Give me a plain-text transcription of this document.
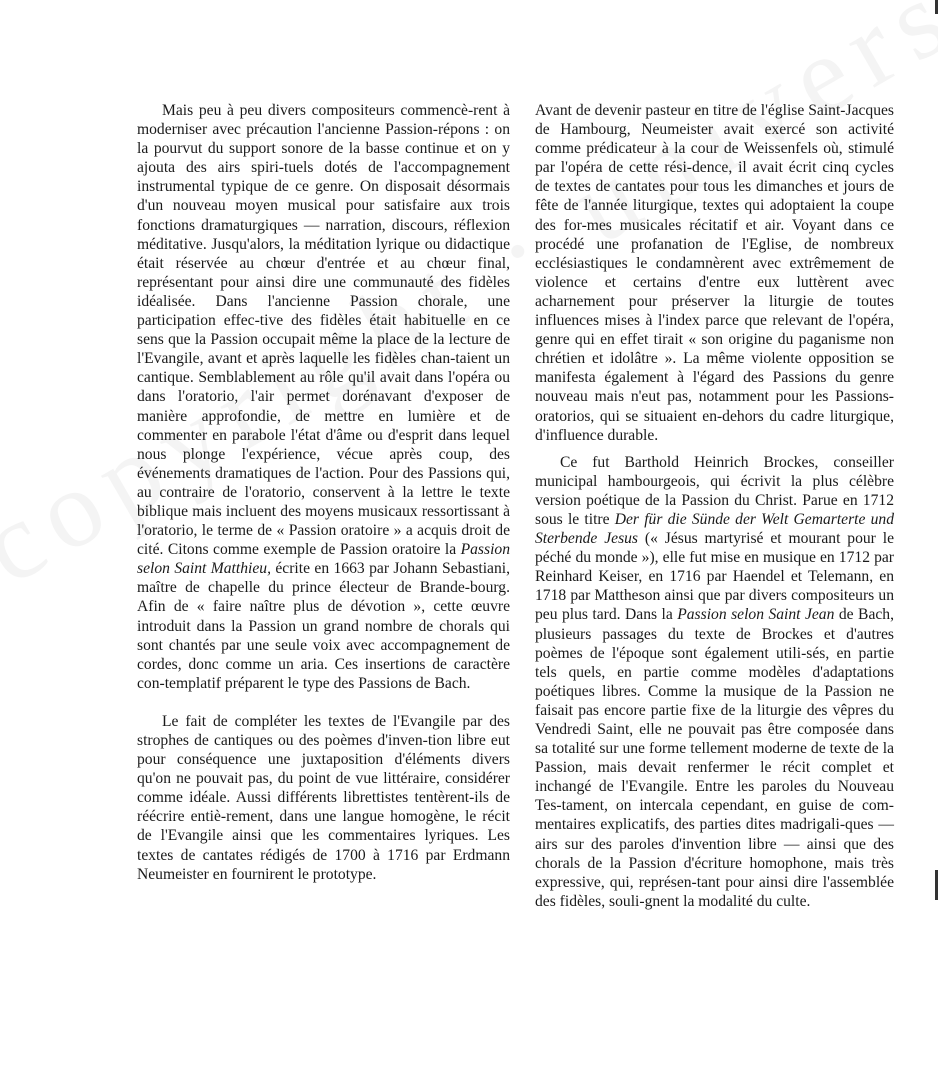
Mais peu à peu divers compositeurs commencè-rent à moderniser avec précaution l'ancienne Passion-répons : on la pourvut du support sonore de la basse continue et on y ajouta des airs spiri-tuels dotés de l'accompagnement instrumental typique de ce genre. On disposait désormais d'un nouveau moyen musical pour satisfaire aux trois fonctions dramaturgiques — narration, discours, réflexion méditative. Jusqu'alors, la méditation lyrique ou didactique était réservée au chœur d'entrée et au chœur final, représentant pour ainsi dire une communauté des fidèles idéalisée. Dans l'ancienne Passion chorale, une participation effec-tive des fidèles était habituelle en ce sens que la Passion occupait même la place de la lecture de l'Evangile, avant et après laquelle les fidèles chan-taient un cantique. Semblablement au rôle qu'il avait dans l'opéra ou dans l'oratorio, l'air permet dorénavant d'exposer de manière approfondie, de mettre en lumière et de commenter en parabole l'état d'âme ou d'esprit dans lequel nous plonge l'expérience, vécue après coup, des événements dramatiques de l'action. Pour des Passions qui, au contraire de l'oratorio, conservent à la lettre le texte biblique mais incluent des moyens musicaux ressortissant à l'oratorio, le terme de « Passion oratoire » a acquis droit de cité. Citons comme exemple de Passion oratoire la Passion selon Saint Matthieu, écrite en 1663 par Johann Sebastiani, maître de chapelle du prince électeur de Brande-bourg. Afin de « faire naître plus de dévotion », cette œuvre introduit dans la Passion un grand nombre de chorals qui sont chantés par une seule voix avec accompagnement de cordes, donc comme un aria. Ces insertions de caractère con-templatif préparent le type des Passions de Bach.

Le fait de compléter les textes de l'Evangile par des strophes de cantiques ou des poèmes d'inven-tion libre eut pour conséquence une juxtaposition d'éléments divers qu'on ne pouvait pas, du point de vue littéraire, considérer comme idéale. Aussi différents librettistes tentèrent-ils de réécrire entiè-rement, dans une langue homogène, le récit de l'Evangile ainsi que les commentaires lyriques. Les textes de cantates rédigés de 1700 à 1716 par Erdmann Neumeister en fournirent le prototype.

Avant de devenir pasteur en titre de l'église Saint-Jacques de Hambourg, Neumeister avait exercé son activité comme prédicateur à la cour de Weissenfels où, stimulé par l'opéra de cette rési-dence, il avait écrit cinq cycles de textes de cantates pour tous les dimanches et jours de fête de l'année liturgique, textes qui adoptaient la coupe des for-mes musicales récitatif et air. Voyant dans ce procédé une profanation de l'Eglise, de nombreux ecclésiastiques le condamnèrent avec extrêmement de violence et certains d'entre eux luttèrent avec acharnement pour préserver la liturgie de toutes influences mises à l'index parce que relevant de l'opéra, genre qui en effet tirait « son origine du paganisme non chrétien et idolâtre ». La même violente opposition se manifesta également à l'égard des Passions du genre nouveau mais n'eut pas, notamment pour les Passions-oratorios, qui se situaient en-dehors du cadre liturgique, d'influence durable.

Ce fut Barthold Heinrich Brockes, conseiller municipal hambourgeois, qui écrivit la plus célèbre version poétique de la Passion du Christ. Parue en 1712 sous le titre Der für die Sünde der Welt Gemarterte und Sterbende Jesus (« Jésus martyrisé et mourant pour le péché du monde »), elle fut mise en musique en 1712 par Reinhard Keiser, en 1716 par Haendel et Telemann, en 1718 par Mattheson ainsi que par divers compositeurs un peu plus tard. Dans la Passion selon Saint Jean de Bach, plusieurs passages du texte de Brockes et d'autres poèmes de l'époque sont également utili-sés, en partie tels quels, en partie comme modèles d'adaptations poétiques libres. Comme la musique de la Passion ne faisait pas encore partie fixe de la liturgie des vêpres du Vendredi Saint, elle ne pouvait pas être composée dans sa totalité sur une forme tellement moderne de texte de la Passion, mais devait renfermer le récit complet et inchangé de l'Evangile. Entre les paroles du Nouveau Tes-tament, on intercala cependant, en guise de com-mentaires explicatifs, des parties dites madrigali-ques — airs sur des paroles d'invention libre — ainsi que des chorals de la Passion d'écriture homophone, mais très expressive, qui, représen-tant pour ainsi dire l'assemblée des fidèles, souli-gnent la modalité du culte.
